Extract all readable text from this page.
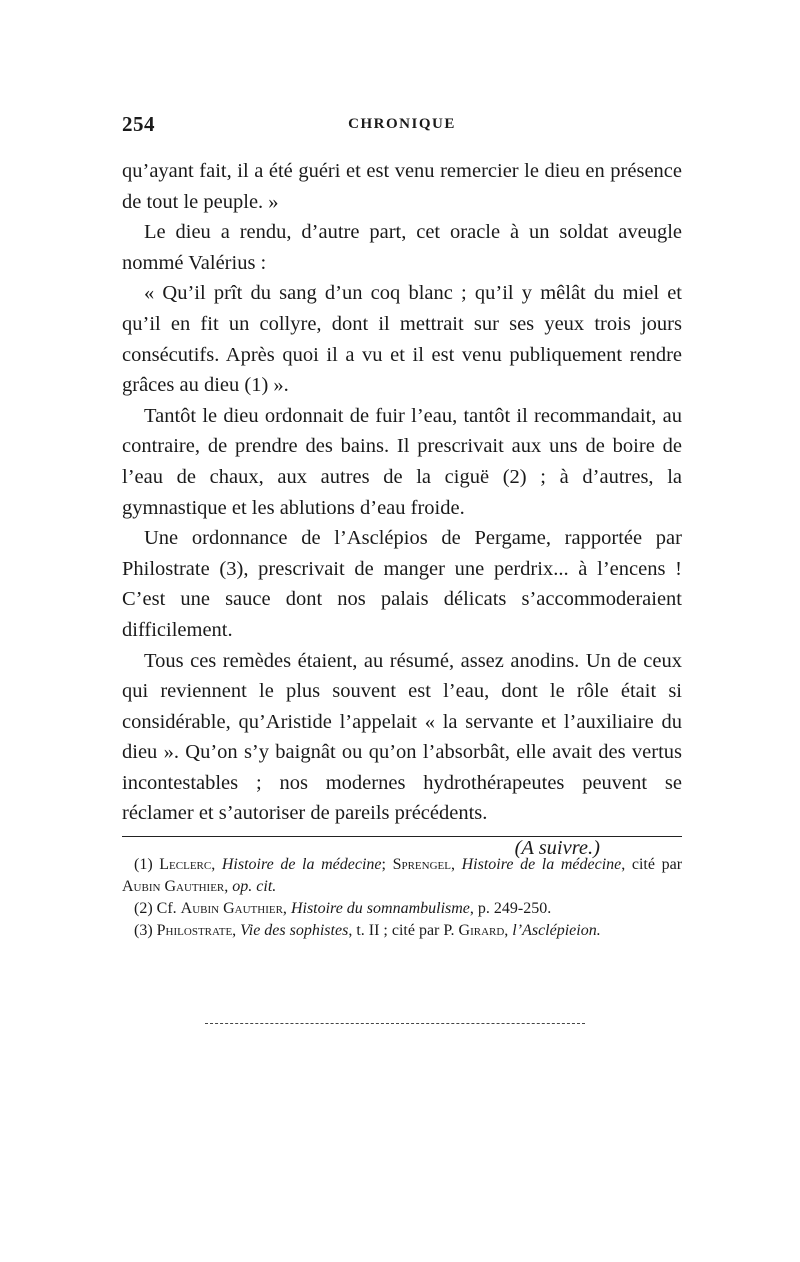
254	CHRONIQUE

qu’ayant fait, il a été guéri et est venu remercier le dieu en présence de tout le peuple. »

Le dieu a rendu, d’autre part, cet oracle à un soldat aveugle nommé Valérius :

« Qu’il prît du sang d’un coq blanc ; qu’il y mêlât du miel et qu’il en fit un collyre, dont il mettrait sur ses yeux trois jours consécutifs. Après quoi il a vu et il est venu publiquement rendre grâces au dieu (1) ».

Tantôt le dieu ordonnait de fuir l’eau, tantôt il recommandait, au contraire, de prendre des bains. Il prescrivait aux uns de boire de l’eau de chaux, aux autres de la ciguë (2) ; à d’autres, la gymnastique et les ablutions d’eau froide.

Une ordonnance de l’Asclépios de Pergame, rapportée par Philostrate (3), prescrivait de manger une perdrix... à l’encens ! C’est une sauce dont nos palais délicats s’accommoderaient difficilement.

Tous ces remèdes étaient, au résumé, assez anodins. Un de ceux qui reviennent le plus souvent est l’eau, dont le rôle était si considérable, qu’Aristide l’appelait « la servante et l’auxiliaire du dieu ». Qu’on s’y baignât ou qu’on l’absorbât, elle avait des vertus incontestables ; nos modernes hydrothérapeutes peuvent se réclamer et s’autoriser de pareils précédents.

(A suivre.)

(1) Leclerc, Histoire de la médecine; Sprengel, Histoire de la médecine, cité par Aubin Gauthier, op. cit.

(2) Cf. Aubin Gauthier, Histoire du somnambulisme, p. 249-250.

(3) Philostrate, Vie des sophistes, t. II ; cité par P. Girard, l’Asclépieion.
